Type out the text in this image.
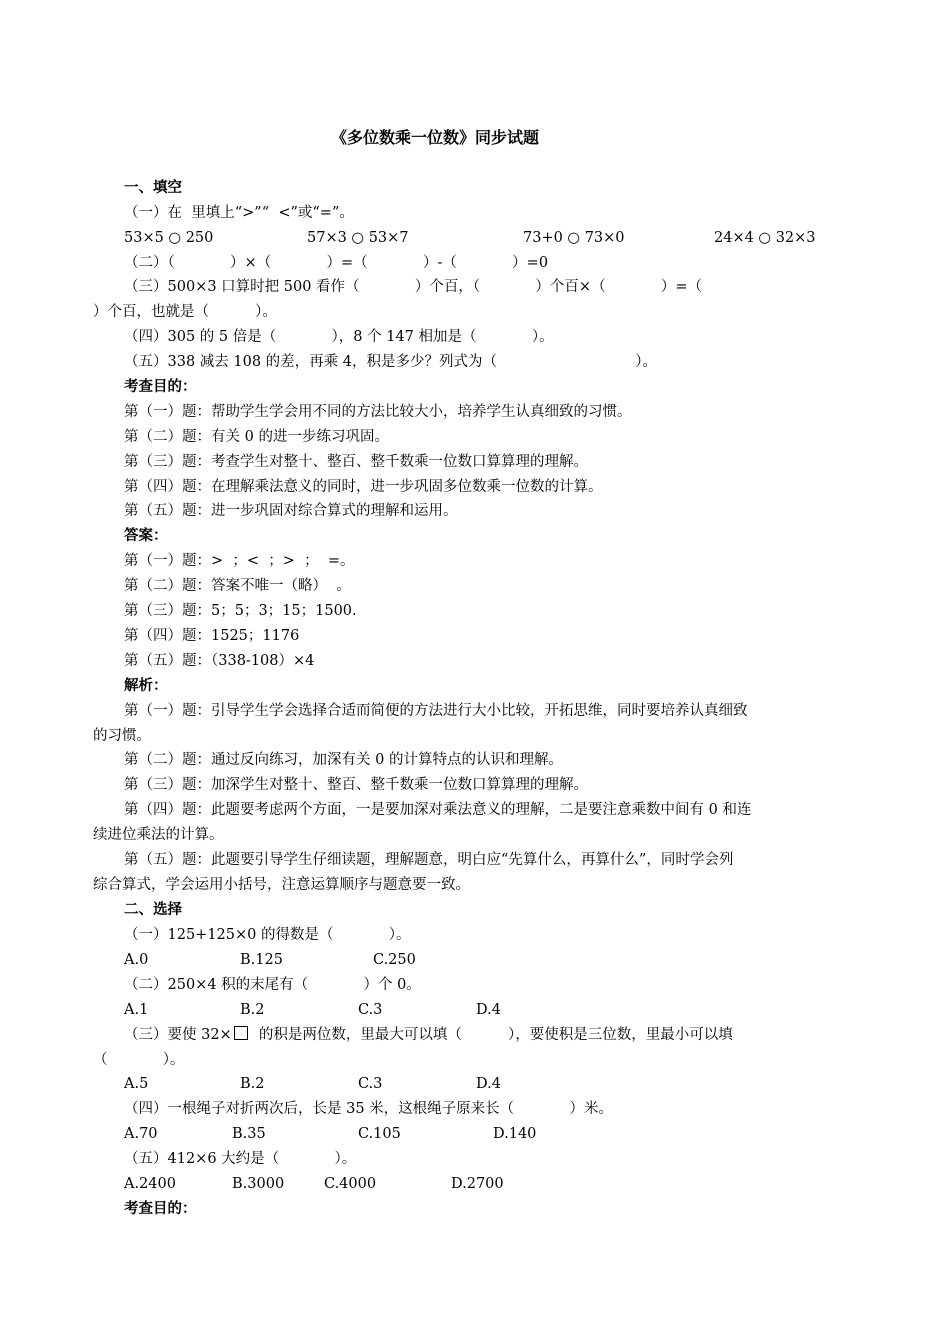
《多位数乘一位数》同步试题
一、填空
（一）在  里填上“>”“  <”或“=”。
53×5 ○ 250	57×3 ○ 53×7	73+0 ○ 73×0	24×4 ○ 32×3
（二）（            ）×（            ）=（            ）-（            ）=0
（三）500×3 口算时把 500 看作（            ）个百，（            ）个百×（            ）=（
）个百，也就是（          ）。
（四）305 的 5 倍是（            ），8 个 147 相加是（            ）。
（五）338 减去 108 的差，再乘 4，积是多少？列式为（                              ）。
考查目的：
第（一）题：帮助学生学会用不同的方法比较大小，培养学生认真细致的习惯。
第（二）题：有关 0 的进一步练习巩固。
第（三）题：考查学生对整十、整百、整千数乘一位数口算算理的理解。
第（四）题：在理解乘法意义的同时，进一步巩固多位数乘一位数的计算。
第（五）题：进一步巩固对综合算式的理解和运用。
答案：
第（一）题：>  ；<  ；>  ；  =。
第（二）题：答案不唯一（略）  。
第（三）题：5；5；3；15；1500.
第（四）题：1525；1176
第（五）题：（338-108）×4
解析：
第（一）题：引导学生学会选择合适而简便的方法进行大小比较，开拓思维，同时要培养认真细致
的习惯。
第（二）题：通过反向练习，加深有关 0 的计算特点的认识和理解。
第（三）题：加深学生对整十、整百、整千数乘一位数口算算理的理解。
第（四）题：此题要考虑两个方面，一是要加深对乘法意义的理解，二是要注意乘数中间有 0 和连
续进位乘法的计算。
第（五）题：此题要引导学生仔细读题，理解题意，明白应“先算什么，再算什么”，同时学会列
综合算式，学会运用小括号，注意运算顺序与题意要一致。
二、选择
（一）125+125×0 的得数是（            ）。
A.0	B.125	C.250
（二）250×4 积的末尾有（            ）个 0。
A.1	B.2	C.3	D.4
（三）要使 32×  的积是两位数，里最大可以填（          ），要使积是三位数，里最小可以填
（            ）。
A.5	B.2	C.3	D.4
（四）一根绳子对折两次后，长是 35 米，这根绳子原来长（            ）米。
A.70	B.35	C.105	D.140
（五）412×6 大约是（            ）。
A.2400	B.3000	C.4000	D.2700
考查目的：
